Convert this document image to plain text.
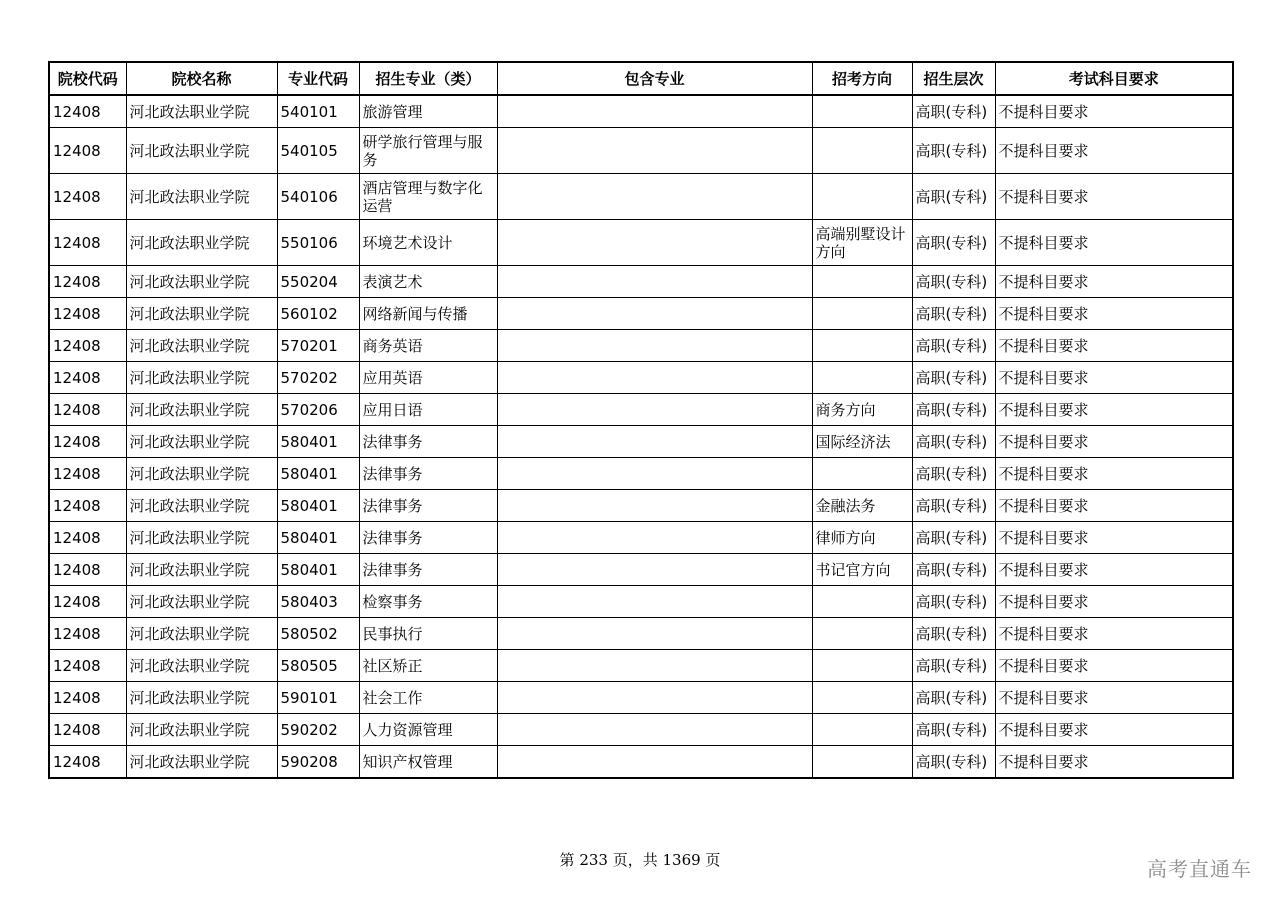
院校代码	院校名称	专业代码	招生专业（类）	包含专业	招考方向	招生层次	考试科目要求
12408	河北政法职业学院	540101	旅游管理			高职(专科)	不提科目要求
12408	河北政法职业学院	540105	研学旅行管理与服务			高职(专科)	不提科目要求
12408	河北政法职业学院	540106	酒店管理与数字化运营			高职(专科)	不提科目要求
12408	河北政法职业学院	550106	环境艺术设计		高端别墅设计方向	高职(专科)	不提科目要求
12408	河北政法职业学院	550204	表演艺术			高职(专科)	不提科目要求
12408	河北政法职业学院	560102	网络新闻与传播			高职(专科)	不提科目要求
12408	河北政法职业学院	570201	商务英语			高职(专科)	不提科目要求
12408	河北政法职业学院	570202	应用英语			高职(专科)	不提科目要求
12408	河北政法职业学院	570206	应用日语		商务方向	高职(专科)	不提科目要求
12408	河北政法职业学院	580401	法律事务		国际经济法	高职(专科)	不提科目要求
12408	河北政法职业学院	580401	法律事务			高职(专科)	不提科目要求
12408	河北政法职业学院	580401	法律事务		金融法务	高职(专科)	不提科目要求
12408	河北政法职业学院	580401	法律事务		律师方向	高职(专科)	不提科目要求
12408	河北政法职业学院	580401	法律事务		书记官方向	高职(专科)	不提科目要求
12408	河北政法职业学院	580403	检察事务			高职(专科)	不提科目要求
12408	河北政法职业学院	580502	民事执行			高职(专科)	不提科目要求
12408	河北政法职业学院	580505	社区矫正			高职(专科)	不提科目要求
12408	河北政法职业学院	590101	社会工作			高职(专科)	不提科目要求
12408	河北政法职业学院	590202	人力资源管理			高职(专科)	不提科目要求
12408	河北政法职业学院	590208	知识产权管理			高职(专科)	不提科目要求
第 233 页，共 1369 页	高考直通车
